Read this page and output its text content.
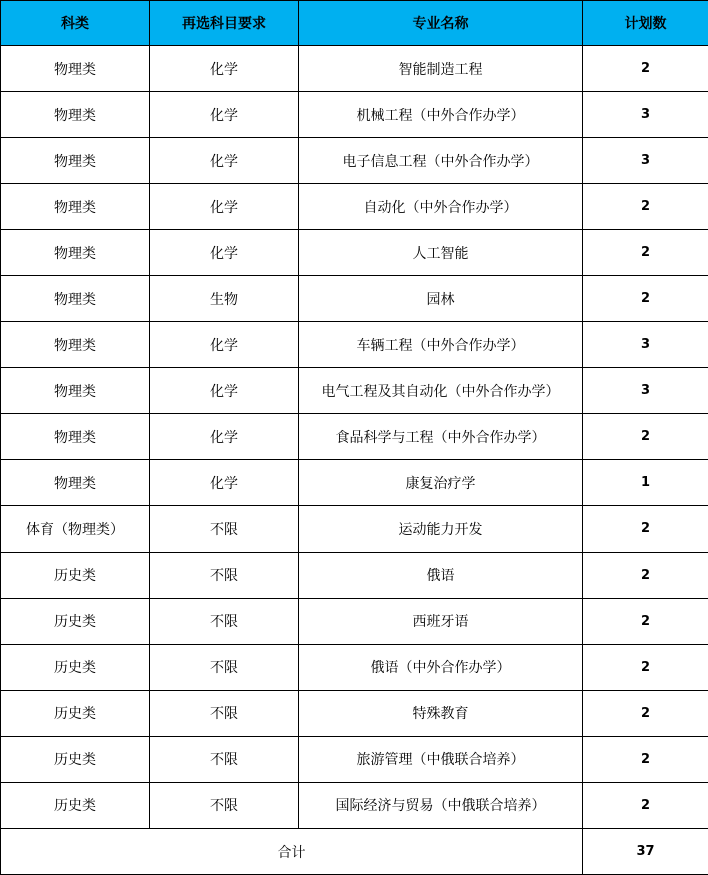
科类	再选科目要求	专业名称	计划数
物理类	化学	智能制造工程	2
物理类	化学	机械工程（中外合作办学）	3
物理类	化学	电子信息工程（中外合作办学）	3
物理类	化学	自动化（中外合作办学）	2
物理类	化学	人工智能	2
物理类	生物	园林	2
物理类	化学	车辆工程（中外合作办学）	3
物理类	化学	电气工程及其自动化（中外合作办学）	3
物理类	化学	食品科学与工程（中外合作办学）	2
物理类	化学	康复治疗学	1
体育（物理类）	不限	运动能力开发	2
历史类	不限	俄语	2
历史类	不限	西班牙语	2
历史类	不限	俄语（中外合作办学）	2
历史类	不限	特殊教育	2
历史类	不限	旅游管理（中俄联合培养）	2
历史类	不限	国际经济与贸易（中俄联合培养）	2
合计			37
